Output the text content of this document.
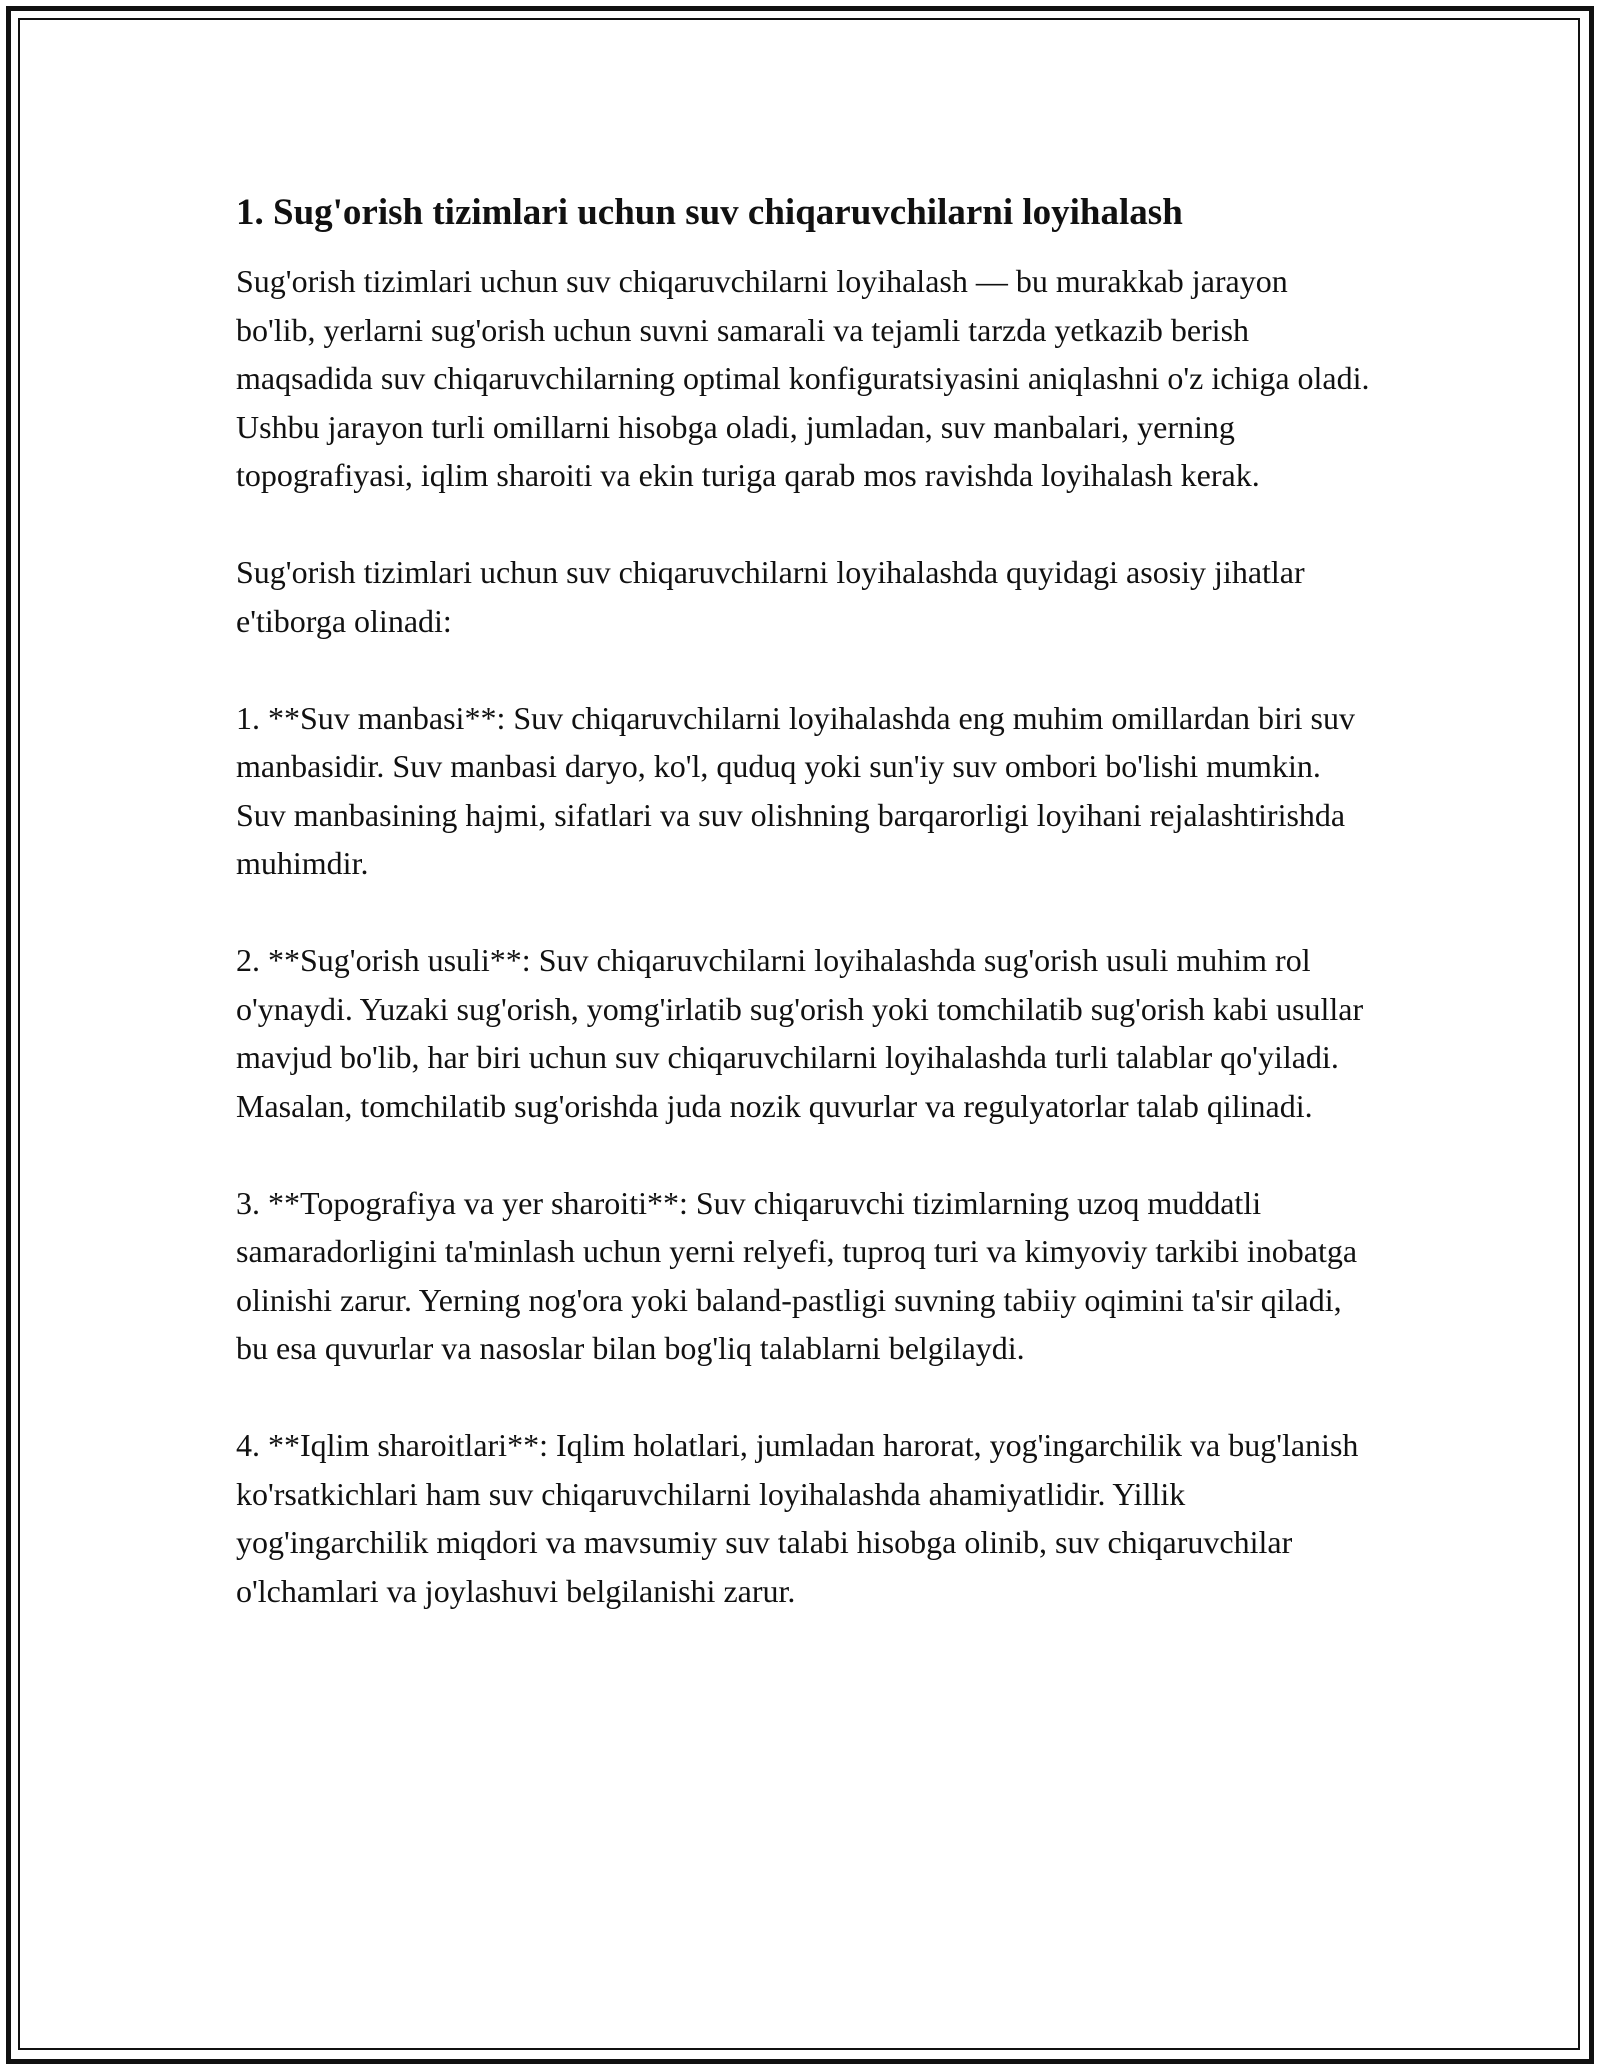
1. Sug'orish tizimlari uchun suv chiqaruvchilarni loyihalash

Sug'orish tizimlari uchun suv chiqaruvchilarni loyihalash — bu murakkab jarayon bo'lib, yerlarni sug'orish uchun suvni samarali va tejamli tarzda yetkazib berish maqsadida suv chiqaruvchilarning optimal konfiguratsiyasini aniqlashni o'z ichiga oladi. Ushbu jarayon turli omillarni hisobga oladi, jumladan, suv manbalari, yerning topografiyasi, iqlim sharoiti va ekin turiga qarab mos ravishda loyihalash kerak.

Sug'orish tizimlari uchun suv chiqaruvchilarni loyihalashda quyidagi asosiy jihatlar e'tiborga olinadi:

1. **Suv manbasi**: Suv chiqaruvchilarni loyihalashda eng muhim omillardan biri suv manbasidir. Suv manbasi daryo, ko'l, quduq yoki sun'iy suv ombori bo'lishi mumkin. Suv manbasining hajmi, sifatlari va suv olishning barqarorligi loyihani rejalashtirishda muhimdir.

2. **Sug'orish usuli**: Suv chiqaruvchilarni loyihalashda sug'orish usuli muhim rol o'ynaydi. Yuzaki sug'orish, yomg'irlatib sug'orish yoki tomchilatib sug'orish kabi usullar mavjud bo'lib, har biri uchun suv chiqaruvchilarni loyihalashda turli talablar qo'yiladi. Masalan, tomchilatib sug'orishda juda nozik quvurlar va regulyatorlar talab qilinadi.

3. **Topografiya va yer sharoiti**: Suv chiqaruvchi tizimlarning uzoq muddatli samaradorligini ta'minlash uchun yerni relyefi, tuproq turi va kimyoviy tarkibi inobatga olinishi zarur. Yerning nog'ora yoki baland-pastligi suvning tabiiy oqimini ta'sir qiladi, bu esa quvurlar va nasoslar bilan bog'liq talablarni belgilaydi.

4. **Iqlim sharoitlari**: Iqlim holatlari, jumladan harorat, yog'ingarchilik va bug'lanish ko'rsatkichlari ham suv chiqaruvchilarni loyihalashda ahamiyatlidir. Yillik yog'ingarchilik miqdori va mavsumiy suv talabi hisobga olinib, suv chiqaruvchilar o'lchamlari va joylashuvi belgilanishi zarur.
